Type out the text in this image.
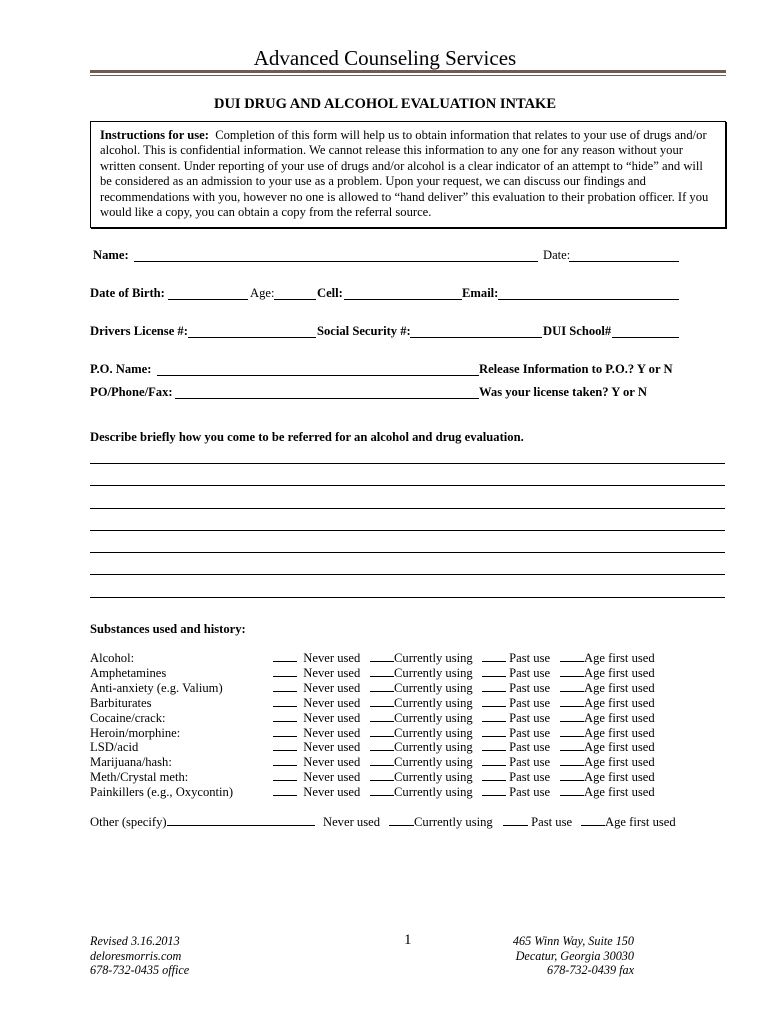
Advanced Counseling Services
DUI DRUG AND ALCOHOL EVALUATION INTAKE
Instructions for use: Completion of this form will help us to obtain information that relates to your use of drugs and/or alcohol. This is confidential information. We cannot release this information to any one for any reason without your written consent. Under reporting of your use of drugs and/or alcohol is a clear indicator of an attempt to “hide” and will be considered as an admission to your use as a problem. Upon your request, we can discuss our findings and recommendations with you, however no one is allowed to “hand deliver” this evaluation to their probation officer. If you would like a copy, you can obtain a copy from the referral source.
Name:	Date:
Date of Birth:	Age:	Cell:	Email:
Drivers License #:	Social Security #:	DUI School#
P.O. Name:	Release Information to P.O.? Y or N
PO/Phone/Fax:	Was your license taken? Y or N
Describe briefly how you come to be referred for an alcohol and drug evaluation.
Substances used and history:
Alcohol:	Never used	Currently using	Past use	Age first used
Amphetamines	Never used	Currently using	Past use	Age first used
Anti-anxiety (e.g. Valium)	Never used	Currently using	Past use	Age first used
Barbiturates	Never used	Currently using	Past use	Age first used
Cocaine/crack:	Never used	Currently using	Past use	Age first used
Heroin/morphine:	Never used	Currently using	Past use	Age first used
LSD/acid	Never used	Currently using	Past use	Age first used
Marijuana/hash:	Never used	Currently using	Past use	Age first used
Meth/Crystal meth:	Never used	Currently using	Past use	Age first used
Painkillers (e.g., Oxycontin)	Never used	Currently using	Past use	Age first used
Other (specify)	Never used	Currently using	Past use	Age first used
Revised 3.16.2013
deloresmorris.com
678-732-0435 office
1	465 Winn Way, Suite 150
Decatur, Georgia 30030
678-732-0439 fax
